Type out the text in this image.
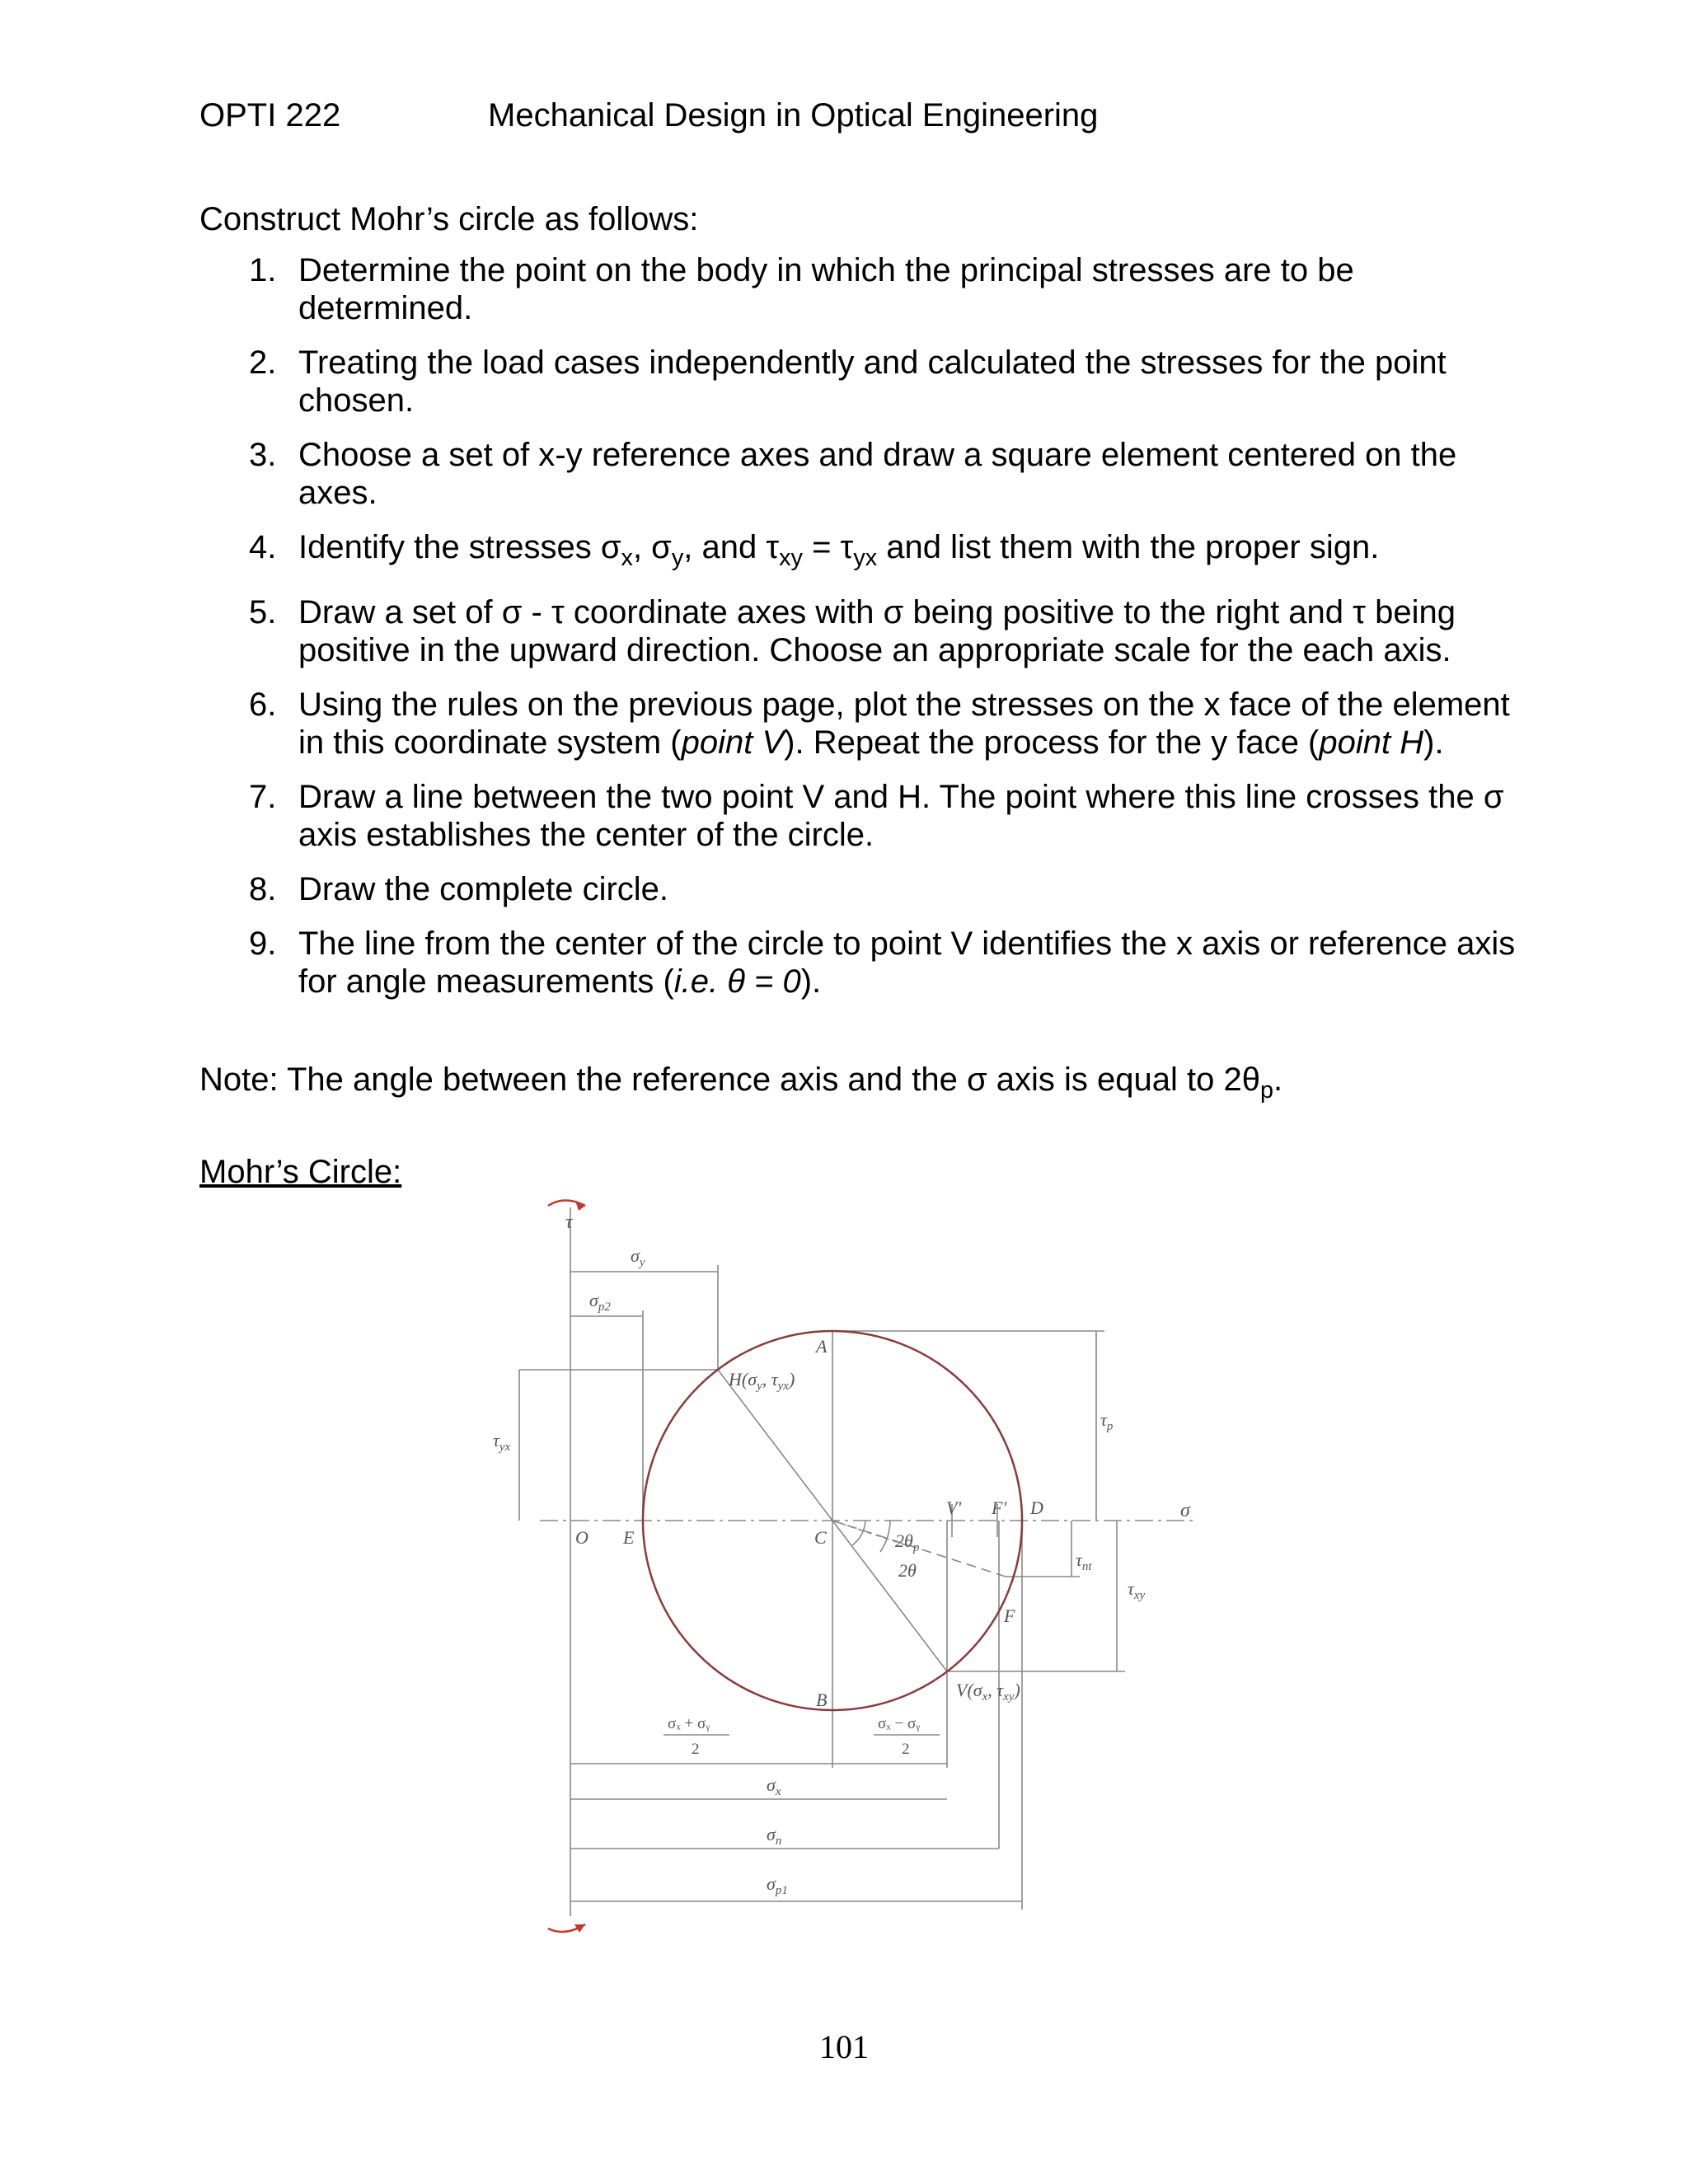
OPTI 222	Mechanical Design in Optical Engineering
Construct Mohr’s circle as follows:
1. Determine the point on the body in which the principal stresses are to be determined.
2. Treating the load cases independently and calculated the stresses for the point chosen.
3. Choose a set of x-y reference axes and draw a square element centered on the axes.
4. Identify the stresses $\sigma_x$, $\sigma_y$, and $\tau_{xy} = \tau_{yx}$ and list them with the proper sign.
5. Draw a set of σ - τ coordinate axes with σ being positive to the right and τ being positive in the upward direction. Choose an appropriate scale for the each axis.
6. Using the rules on the previous page, plot the stresses on the x face of the element in this coordinate system (point V). Repeat the process for the y face (point H).
7. Draw a line between the two point V and H. The point where this line crosses the σ axis establishes the center of the circle.
8. Draw the complete circle.
9. The line from the center of the circle to point V identifies the x axis or reference axis for angle measurements (i.e. θ = 0).
Note: The angle between the reference axis and the σ axis is equal to $2\theta_p$.
Mohr’s Circle:
τ
σ
O E	C
A
B
D
F
F'
V'
$H(\sigma_y$, $\tau_{yx}$)
$V(\sigma_x$, $\tau_{xy}$)
$2\theta_p$
2θ
$\sigma_y$
$\sigma_{p2}$
$\tau_{yx}$
$\tau_p$
$\tau_{nt}$
$\tau_{xy}$
σₓ + σᵧ
2
σₓ − σᵧ
2
$\sigma_x$
$\sigma_n$
$\sigma_{p1}$
101
